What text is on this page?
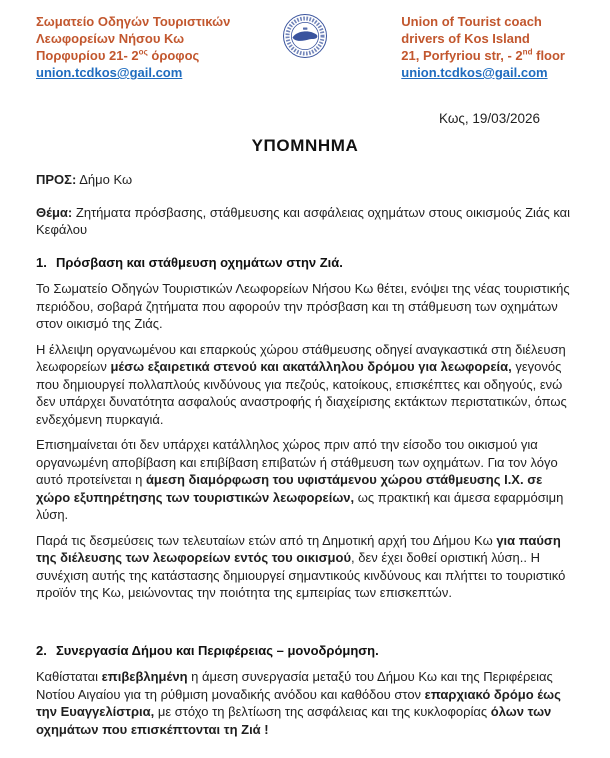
Σωματείο Οδηγών Τουριστικών
Λεωφορείων Νήσου Κω
Πορφυρίου 21- $2^{o\varsigma}$ όροφος
union.tcdkos@gail.com
Union of Tourist coach
drivers of Kos Island
21, Porfyriou str, - 2nd floor
union.tcdkos@gail.com
Κως, 19/03/2026
ΥΠΟΜΝΗΜΑ

ΠΡΟΣ: Δήμο Κω

Θέμα: Ζητήματα πρόσβασης, στάθμευσης και ασφάλειας οχημάτων στους οικισμούς Ζιάς και Κεφάλου

1. Πρόσβαση και στάθμευση οχημάτων στην Ζιά.

Το Σωματείο Οδηγών Τουριστικών Λεωφορείων Νήσου Κω θέτει, ενόψει της νέας τουριστικής περιόδου, σοβαρά ζητήματα που αφορούν την πρόσβαση και τη στάθμευση των οχημάτων στον οικισμό της Ζιάς.

Η έλλειψη οργανωμένου και επαρκούς χώρου στάθμευσης οδηγεί αναγκαστικά στη διέλευση λεωφορείων μέσω εξαιρετικά στενού και ακατάλληλου δρόμου για λεωφορεία, γεγονός που δημιουργεί πολλαπλούς κινδύνους για πεζούς, κατοίκους, επισκέπτες και οδηγούς, ενώ δεν υπάρχει δυνατότητα ασφαλούς αναστροφής ή διαχείρισης εκτάκτων περιστατικών, όπως ενδεχόμενη πυρκαγιά.

Επισημαίνεται ότι δεν υπάρχει κατάλληλος χώρος πριν από την είσοδο του οικισμού για οργανωμένη αποβίβαση και επιβίβαση επιβατών ή στάθμευση των οχημάτων. Για τον λόγο αυτό προτείνεται η άμεση διαμόρφωση του υφιστάμενου χώρου στάθμευσης Ι.Χ. σε χώρο εξυπηρέτησης των τουριστικών λεωφορείων, ως πρακτική και άμεσα εφαρμόσιμη λύση.

Παρά τις δεσμεύσεις των τελευταίων ετών από τη Δημοτική αρχή του Δήμου Κω για παύση της διέλευσης των λεωφορείων εντός του οικισμού, δεν έχει δοθεί οριστική λύση.. Η συνέχιση αυτής της κατάστασης δημιουργεί σημαντικούς κινδύνους και πλήττει το τουριστικό προϊόν της Κω, μειώνοντας την ποιότητα της εμπειρίας των επισκεπτών.

2. Συνεργασία Δήμου και Περιφέρειας – μονοδρόμηση.

Καθίσταται επιβεβλημένη η άμεση συνεργασία μεταξύ του Δήμου Κω και της Περιφέρειας Νοτίου Αιγαίου για τη ρύθμιση μοναδικής ανόδου και καθόδου στον επαρχιακό δρόμο έως την Ευαγγελίστρια, με στόχο τη βελτίωση της ασφάλειας και της κυκλοφορίας όλων των οχημάτων που επισκέπτονται τη Ζιά !
